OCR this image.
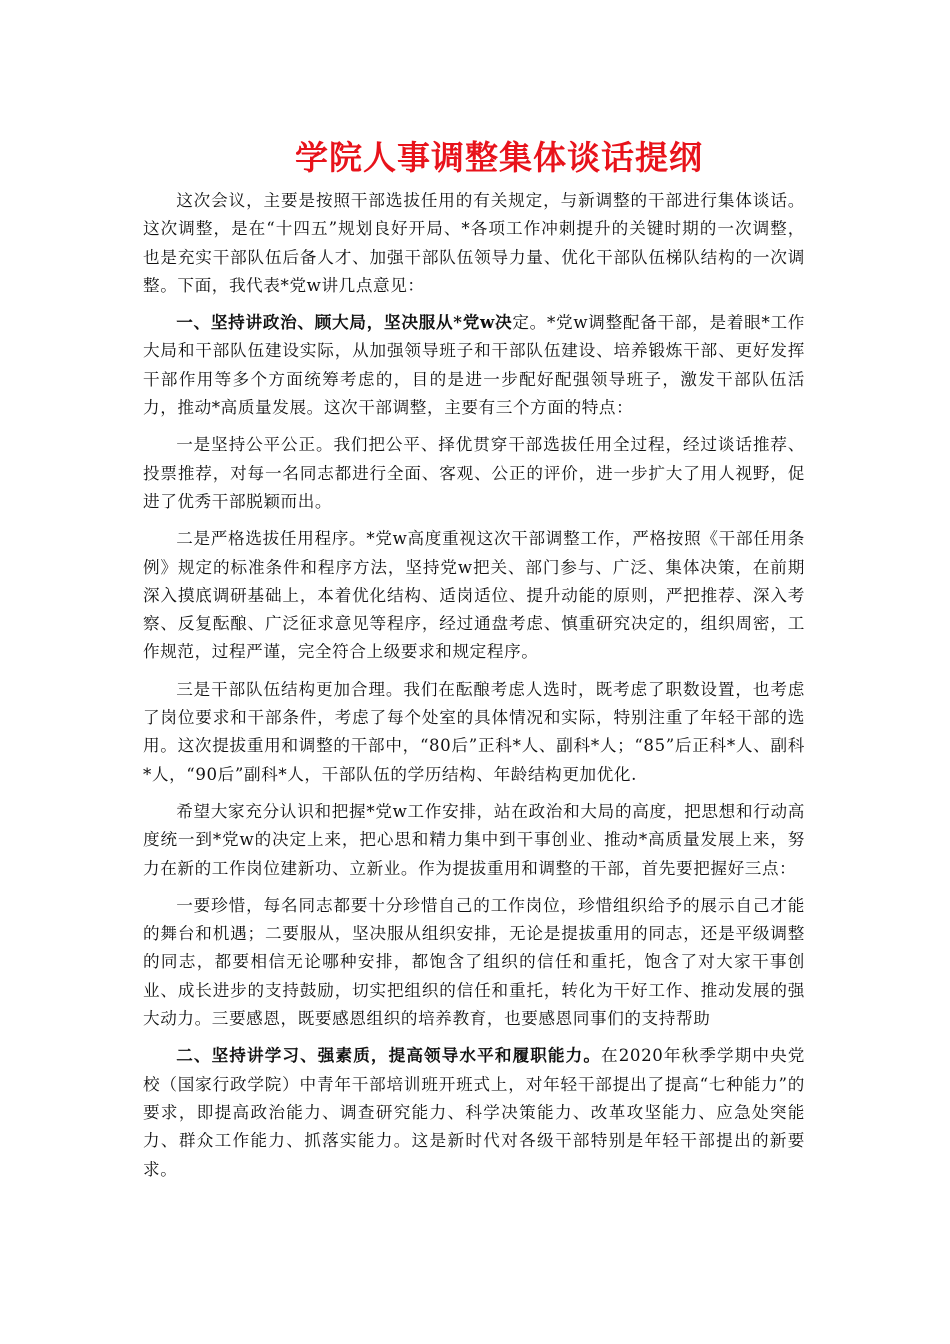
学院人事调整集体谈话提纲

这次会议，主要是按照干部选拔任用的有关规定，与新调整的干部进行集体谈话。这次调整，是在“十四五”规划良好开局、*各项工作冲刺提升的关键时期的一次调整，也是充实干部队伍后备人才、加强干部队伍领导力量、优化干部队伍梯队结构的一次调整。下面，我代表*党w讲几点意见：

一、坚持讲政治、顾大局，坚决服从*党w决定。*党w调整配备干部，是着眼*工作大局和干部队伍建设实际，从加强领导班子和干部队伍建设、培养锻炼干部、更好发挥干部作用等多个方面统筹考虑的，目的是进一步配好配强领导班子，激发干部队伍活力，推动*高质量发展。这次干部调整，主要有三个方面的特点：

一是坚持公平公正。我们把公平、择优贯穿干部选拔任用全过程，经过谈话推荐、投票推荐，对每一名同志都进行全面、客观、公正的评价，进一步扩大了用人视野，促进了优秀干部脱颖而出。

二是严格选拔任用程序。*党w高度重视这次干部调整工作，严格按照《干部任用条例》规定的标准条件和程序方法，坚持党w把关、部门参与、广泛、集体决策，在前期深入摸底调研基础上，本着优化结构、适岗适位、提升动能的原则，严把推荐、深入考察、反复酝酿、广泛征求意见等程序，经过通盘考虑、慎重研究决定的，组织周密，工作规范，过程严谨，完全符合上级要求和规定程序。

三是干部队伍结构更加合理。我们在酝酿考虑人选时，既考虑了职数设置，也考虑了岗位要求和干部条件，考虑了每个处室的具体情况和实际，特别注重了年轻干部的选用。这次提拔重用和调整的干部中，“80后”正科*人、副科*人；“85”后正科*人、副科*人，“90后”副科*人，干部队伍的学历结构、年龄结构更加优化.

希望大家充分认识和把握*党w工作安排，站在政治和大局的高度，把思想和行动高度统一到*党w的决定上来，把心思和精力集中到干事创业、推动*高质量发展上来，努力在新的工作岗位建新功、立新业。作为提拔重用和调整的干部，首先要把握好三点：

一要珍惜，每名同志都要十分珍惜自己的工作岗位，珍惜组织给予的展示自己才能的舞台和机遇；二要服从，坚决服从组织安排，无论是提拔重用的同志，还是平级调整的同志，都要相信无论哪种安排，都饱含了组织的信任和重托，饱含了对大家干事创业、成长进步的支持鼓励，切实把组织的信任和重托，转化为干好工作、推动发展的强大动力。三要感恩，既要感恩组织的培养教育，也要感恩同事们的支持帮助

二、坚持讲学习、强素质，提高领导水平和履职能力。在2020年秋季学期中央党校（国家行政学院）中青年干部培训班开班式上，对年轻干部提出了提高“七种能力”的要求，即提高政治能力、调查研究能力、科学决策能力、改革攻坚能力、应急处突能力、群众工作能力、抓落实能力。这是新时代对各级干部特别是年轻干部提出的新要求。
